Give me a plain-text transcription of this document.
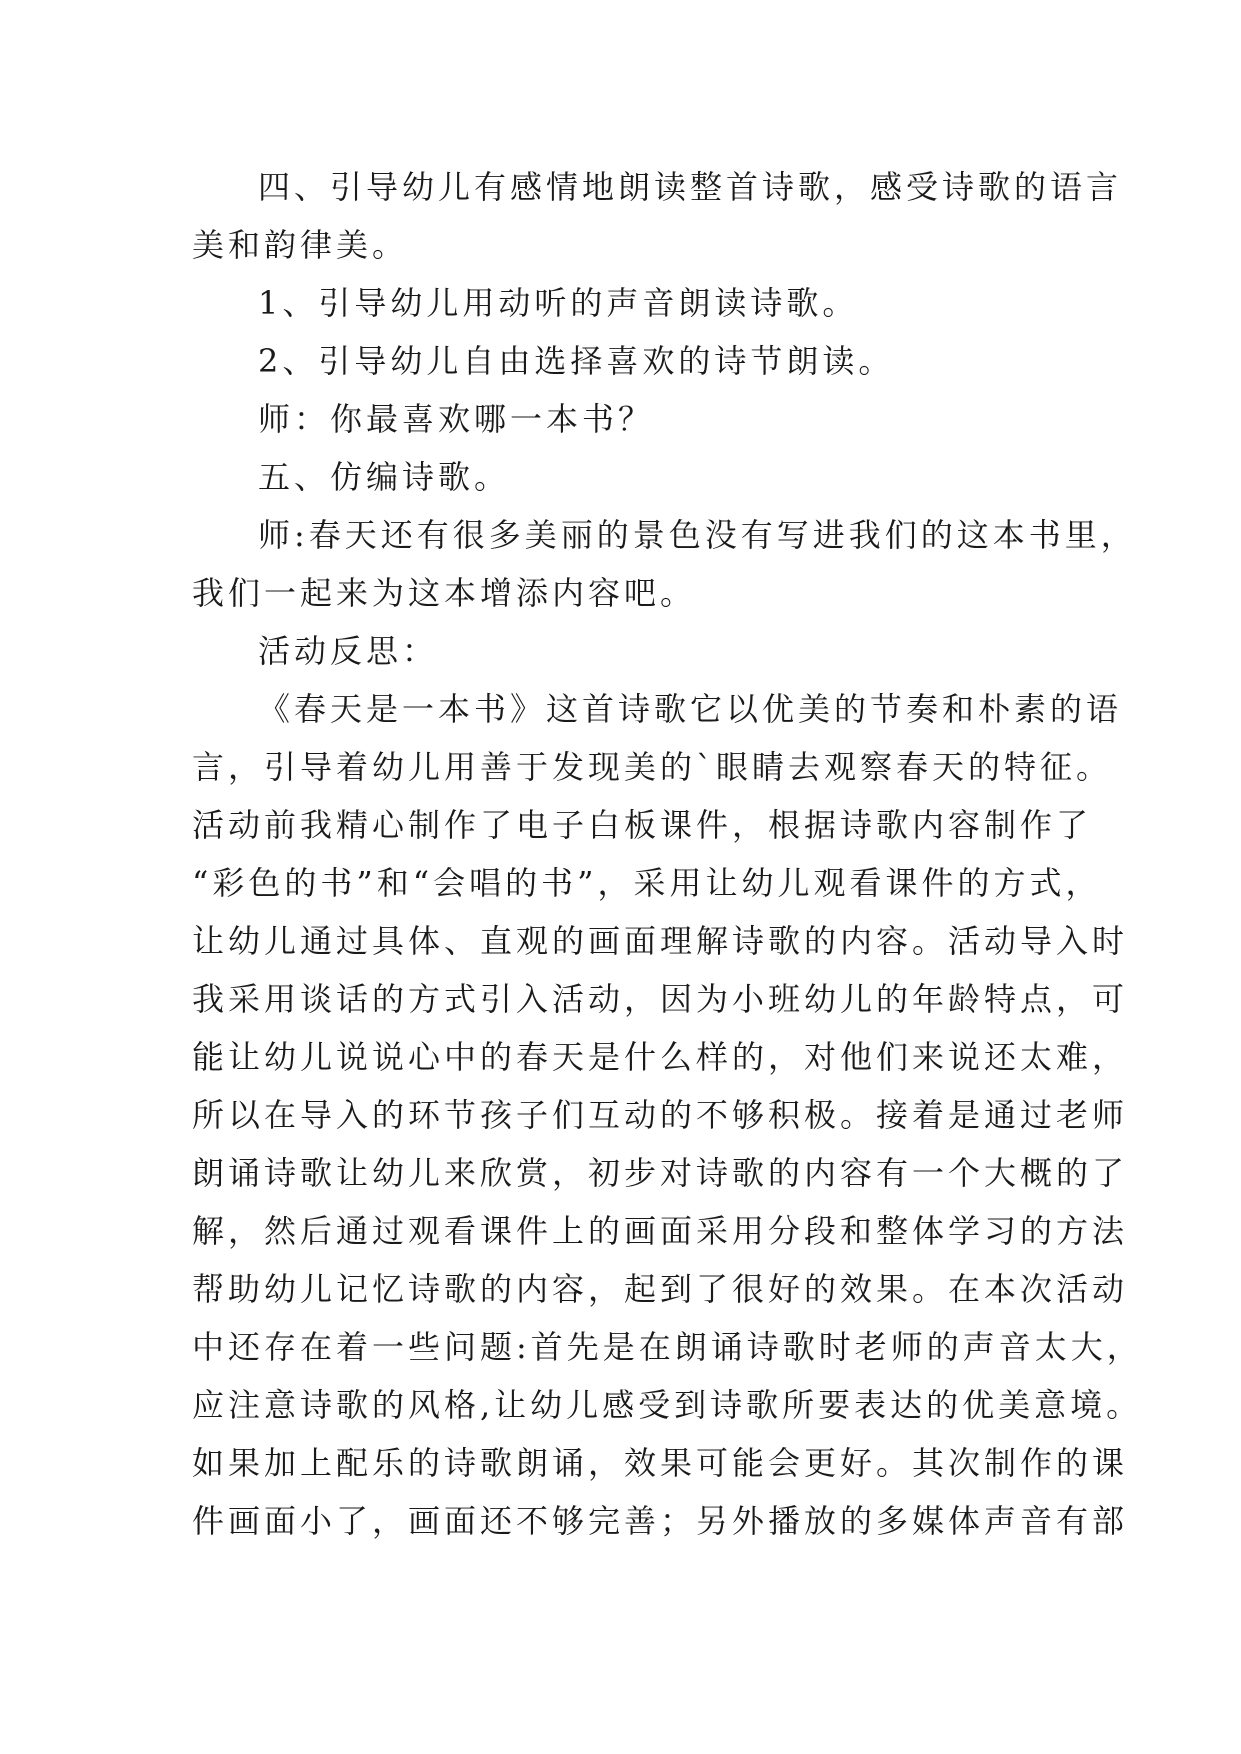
四、引导幼儿有感情地朗读整首诗歌，感受诗歌的语言
美和韵律美。
1、引导幼儿用动听的声音朗读诗歌。
2、引导幼儿自由选择喜欢的诗节朗读。
师：你最喜欢哪一本书？
五、仿编诗歌。
师:春天还有很多美丽的景色没有写进我们的这本书里，
我们一起来为这本增添内容吧。
活动反思：
《春天是一本书》这首诗歌它以优美的节奏和朴素的语
言，引导着幼儿用善于发现美的`眼睛去观察春天的特征。
活动前我精心制作了电子白板课件，根据诗歌内容制作了
“彩色的书”和“会唱的书”，采用让幼儿观看课件的方式，
让幼儿通过具体、直观的画面理解诗歌的内容。活动导入时
我采用谈话的方式引入活动，因为小班幼儿的年龄特点，可
能让幼儿说说心中的春天是什么样的，对他们来说还太难，
所以在导入的环节孩子们互动的不够积极。接着是通过老师
朗诵诗歌让幼儿来欣赏，初步对诗歌的内容有一个大概的了
解，然后通过观看课件上的画面采用分段和整体学习的方法
帮助幼儿记忆诗歌的内容，起到了很好的效果。在本次活动
中还存在着一些问题:首先是在朗诵诗歌时老师的声音太大，
应注意诗歌的风格,让幼儿感受到诗歌所要表达的优美意境。
如果加上配乐的诗歌朗诵，效果可能会更好。其次制作的课
件画面小了，画面还不够完善；另外播放的多媒体声音有部
